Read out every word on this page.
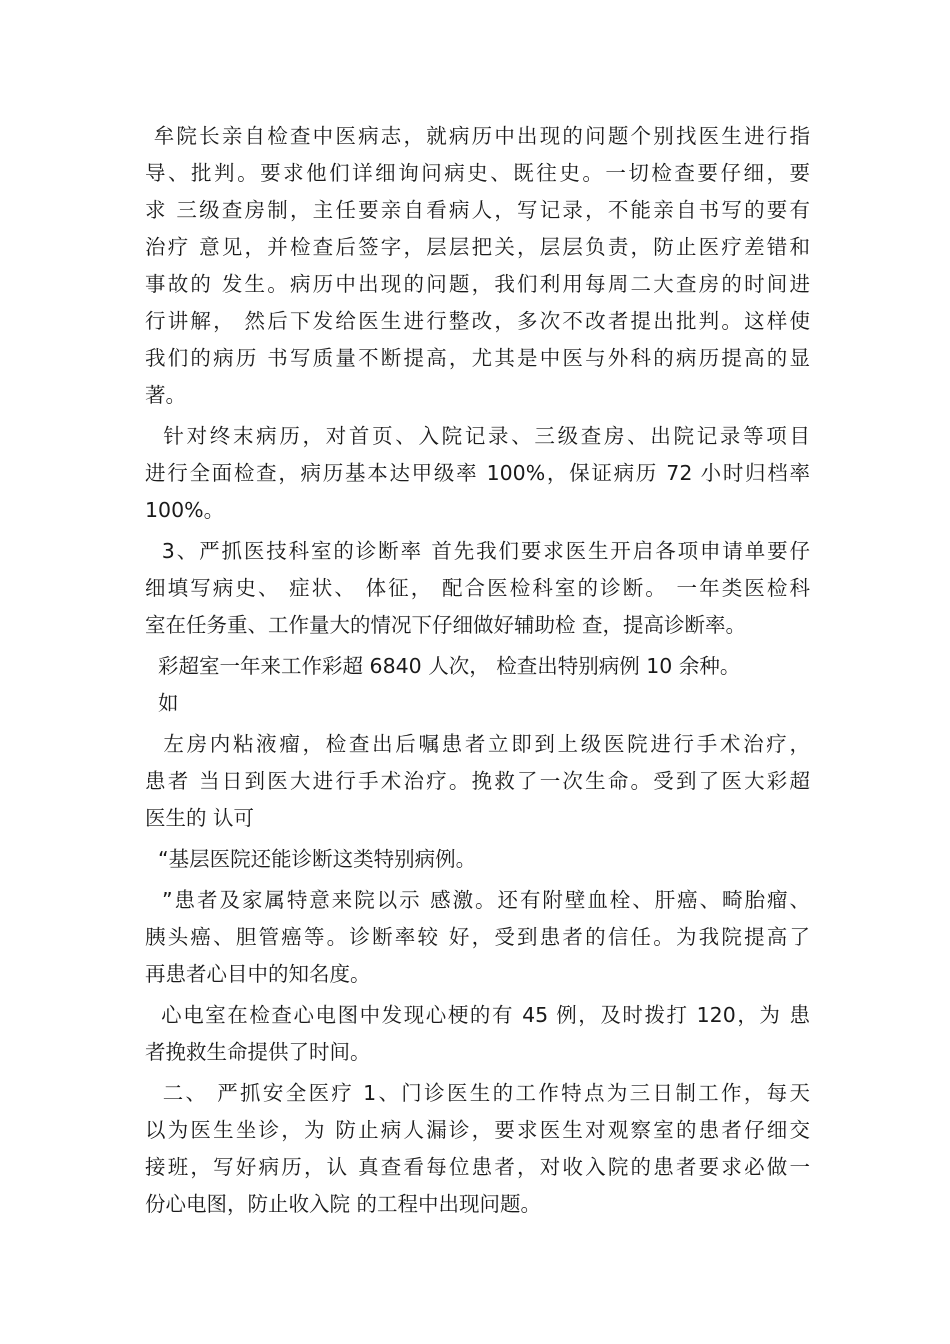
牟院长亲自检查中医病志，就病历中出现的问题个别找医生进行指
导、批判。要求他们详细询问病史、既往史。一切检查要仔细，要
求 三级查房制，主任要亲自看病人，写记录，不能亲自书写的要有
治疗 意见，并检查后签字，层层把关，层层负责，防止医疗差错和
事故的 发生。病历中出现的问题，我们利用每周二大查房的时间进
行讲解， 然后下发给医生进行整改，多次不改者提出批判。这样使
我们的病历 书写质量不断提高，尤其是中医与外科的病历提高的显
著。
针对终末病历，对首页、入院记录、三级查房、出院记录等项目
进行全面检查，病历基本达甲级率 100%，保证病历 72 小时归档率
100%。
3、严抓医技科室的诊断率 首先我们要求医生开启各项申请单要仔
细填写病史、 症状、 体征， 配合医检科室的诊断。 一年类医检科
室在任务重、工作量大的情况下仔细做好辅助检 查，提高诊断率。
彩超室一年来工作彩超 6840 人次， 检查出特别病例 10 余种。
如
左房内粘液瘤，检查出后嘱患者立即到上级医院进行手术治疗，
患者 当日到医大进行手术治疗。挽救了一次生命。受到了医大彩超
医生的 认可
“基层医院还能诊断这类特别病例。
”患者及家属特意来院以示 感激。还有附壁血栓、肝癌、畸胎瘤、
胰头癌、胆管癌等。诊断率较 好，受到患者的信任。为我院提高了
再患者心目中的知名度。
心电室在检查心电图中发现心梗的有 45 例，及时拨打 120，为 患
者挽救生命提供了时间。
二、 严抓安全医疗 1、门诊医生的工作特点为三日制工作，每天
以为医生坐诊，为 防止病人漏诊，要求医生对观察室的患者仔细交
接班，写好病历，认 真查看每位患者，对收入院的患者要求必做一
份心电图，防止收入院 的工程中出现问题。
